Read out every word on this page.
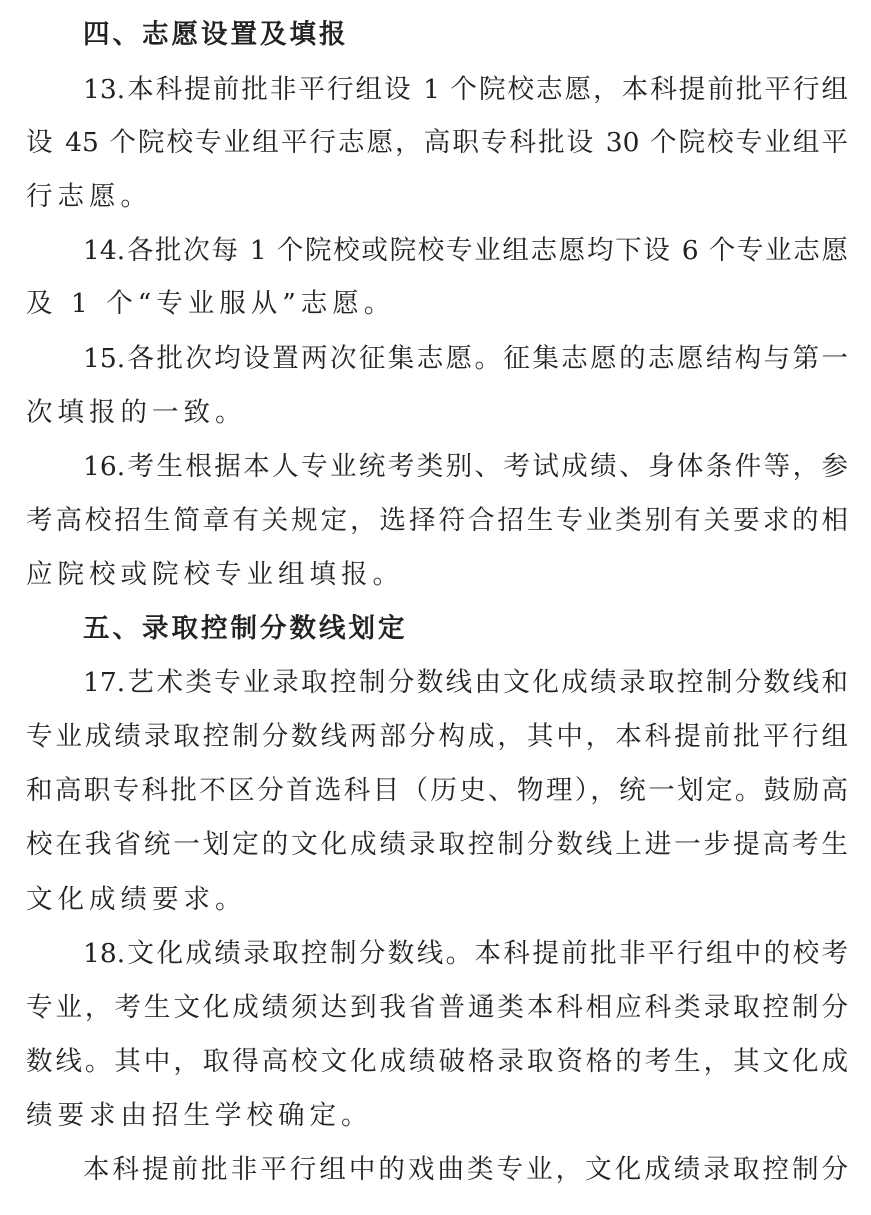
四、志愿设置及填报
13.本科提前批非平行组设 1 个院校志愿，本科提前批平行组
设 45 个院校专业组平行志愿，高职专科批设 30 个院校专业组平
行志愿。
14.各批次每 1 个院校或院校专业组志愿均下设 6 个专业志愿
及 1 个“专业服从”志愿。
15.各批次均设置两次征集志愿。征集志愿的志愿结构与第一
次填报的一致。
16.考生根据本人专业统考类别、考试成绩、身体条件等，参
考高校招生简章有关规定，选择符合招生专业类别有关要求的相
应院校或院校专业组填报。
五、录取控制分数线划定
17.艺术类专业录取控制分数线由文化成绩录取控制分数线和
专业成绩录取控制分数线两部分构成，其中，本科提前批平行组
和高职专科批不区分首选科目（历史、物理），统一划定。鼓励高
校在我省统一划定的文化成绩录取控制分数线上进一步提高考生
文化成绩要求。
18.文化成绩录取控制分数线。本科提前批非平行组中的校考
专业，考生文化成绩须达到我省普通类本科相应科类录取控制分
数线。其中，取得高校文化成绩破格录取资格的考生，其文化成
绩要求由招生学校确定。
本科提前批非平行组中的戏曲类专业，文化成绩录取控制分
